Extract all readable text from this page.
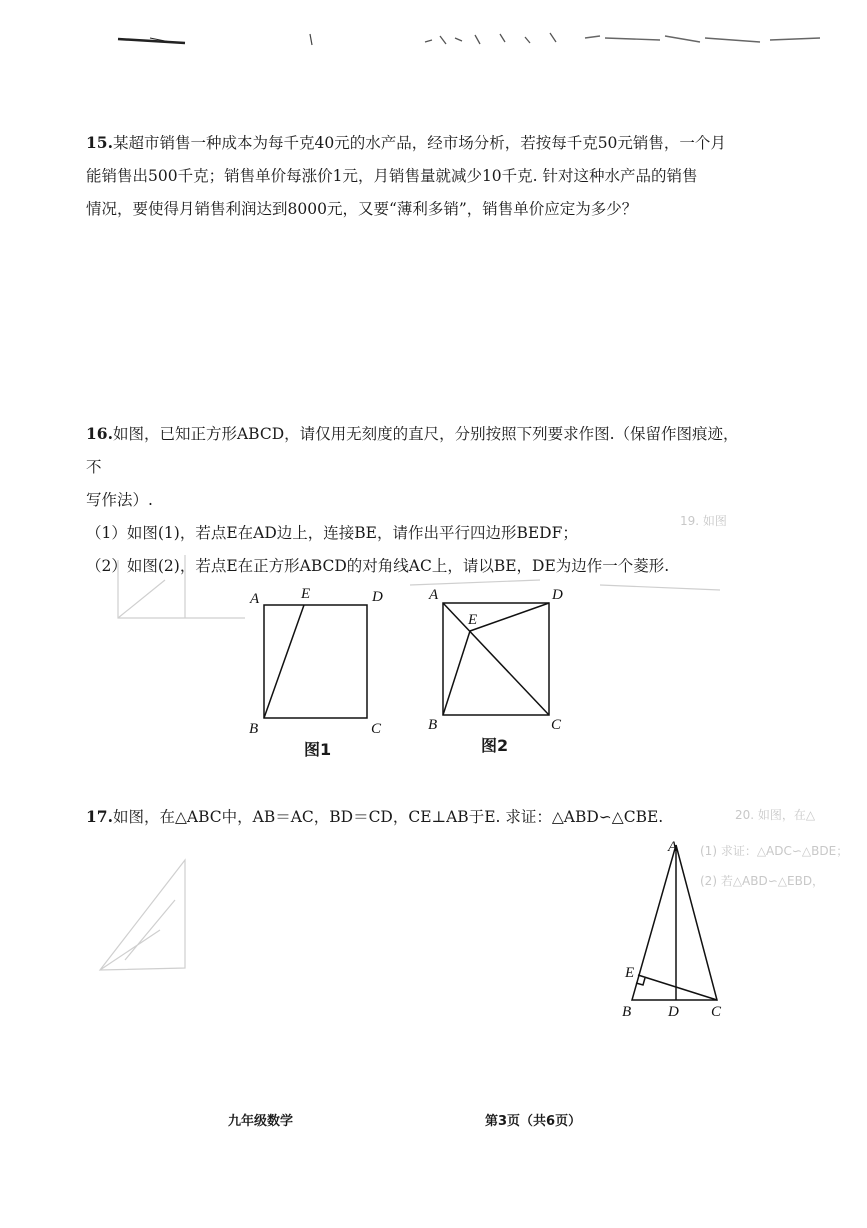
15.某超市销售一种成本为每千克40元的水产品，经市场分析，若按每千克50元销售，一个月

能销售出500千克；销售单价每涨价1元，月销售量就减少10千克. 针对这种水产品的销售

情况，要使得月销售利润达到8000元，又要“薄利多销”，销售单价应定为多少？

16.如图，已知正方形ABCD，请仅用无刻度的直尺，分别按照下列要求作图.（保留作图痕迹，不

写作法）.

（1）如图(1)，若点E在AD边上，连接BE，请作出平行四边形BEDF；

（2）如图(2)，若点E在正方形ABCD的对角线AC上，请以BE，DE为边作一个菱形.

17.如图，在△ABC中，AB＝AC，BD＝CD，CE⊥AB于E. 求证：△ABD∽△CBE.

19. 如图
20. 如图，在△
(1) 求证：△ADC∽△BDE；
(2) 若△ABD∽△EBD，
A	E	D
B	C
A
E
D
B	C
A
E
B D C
图1	图2
九年级数学	第3页（共6页）
